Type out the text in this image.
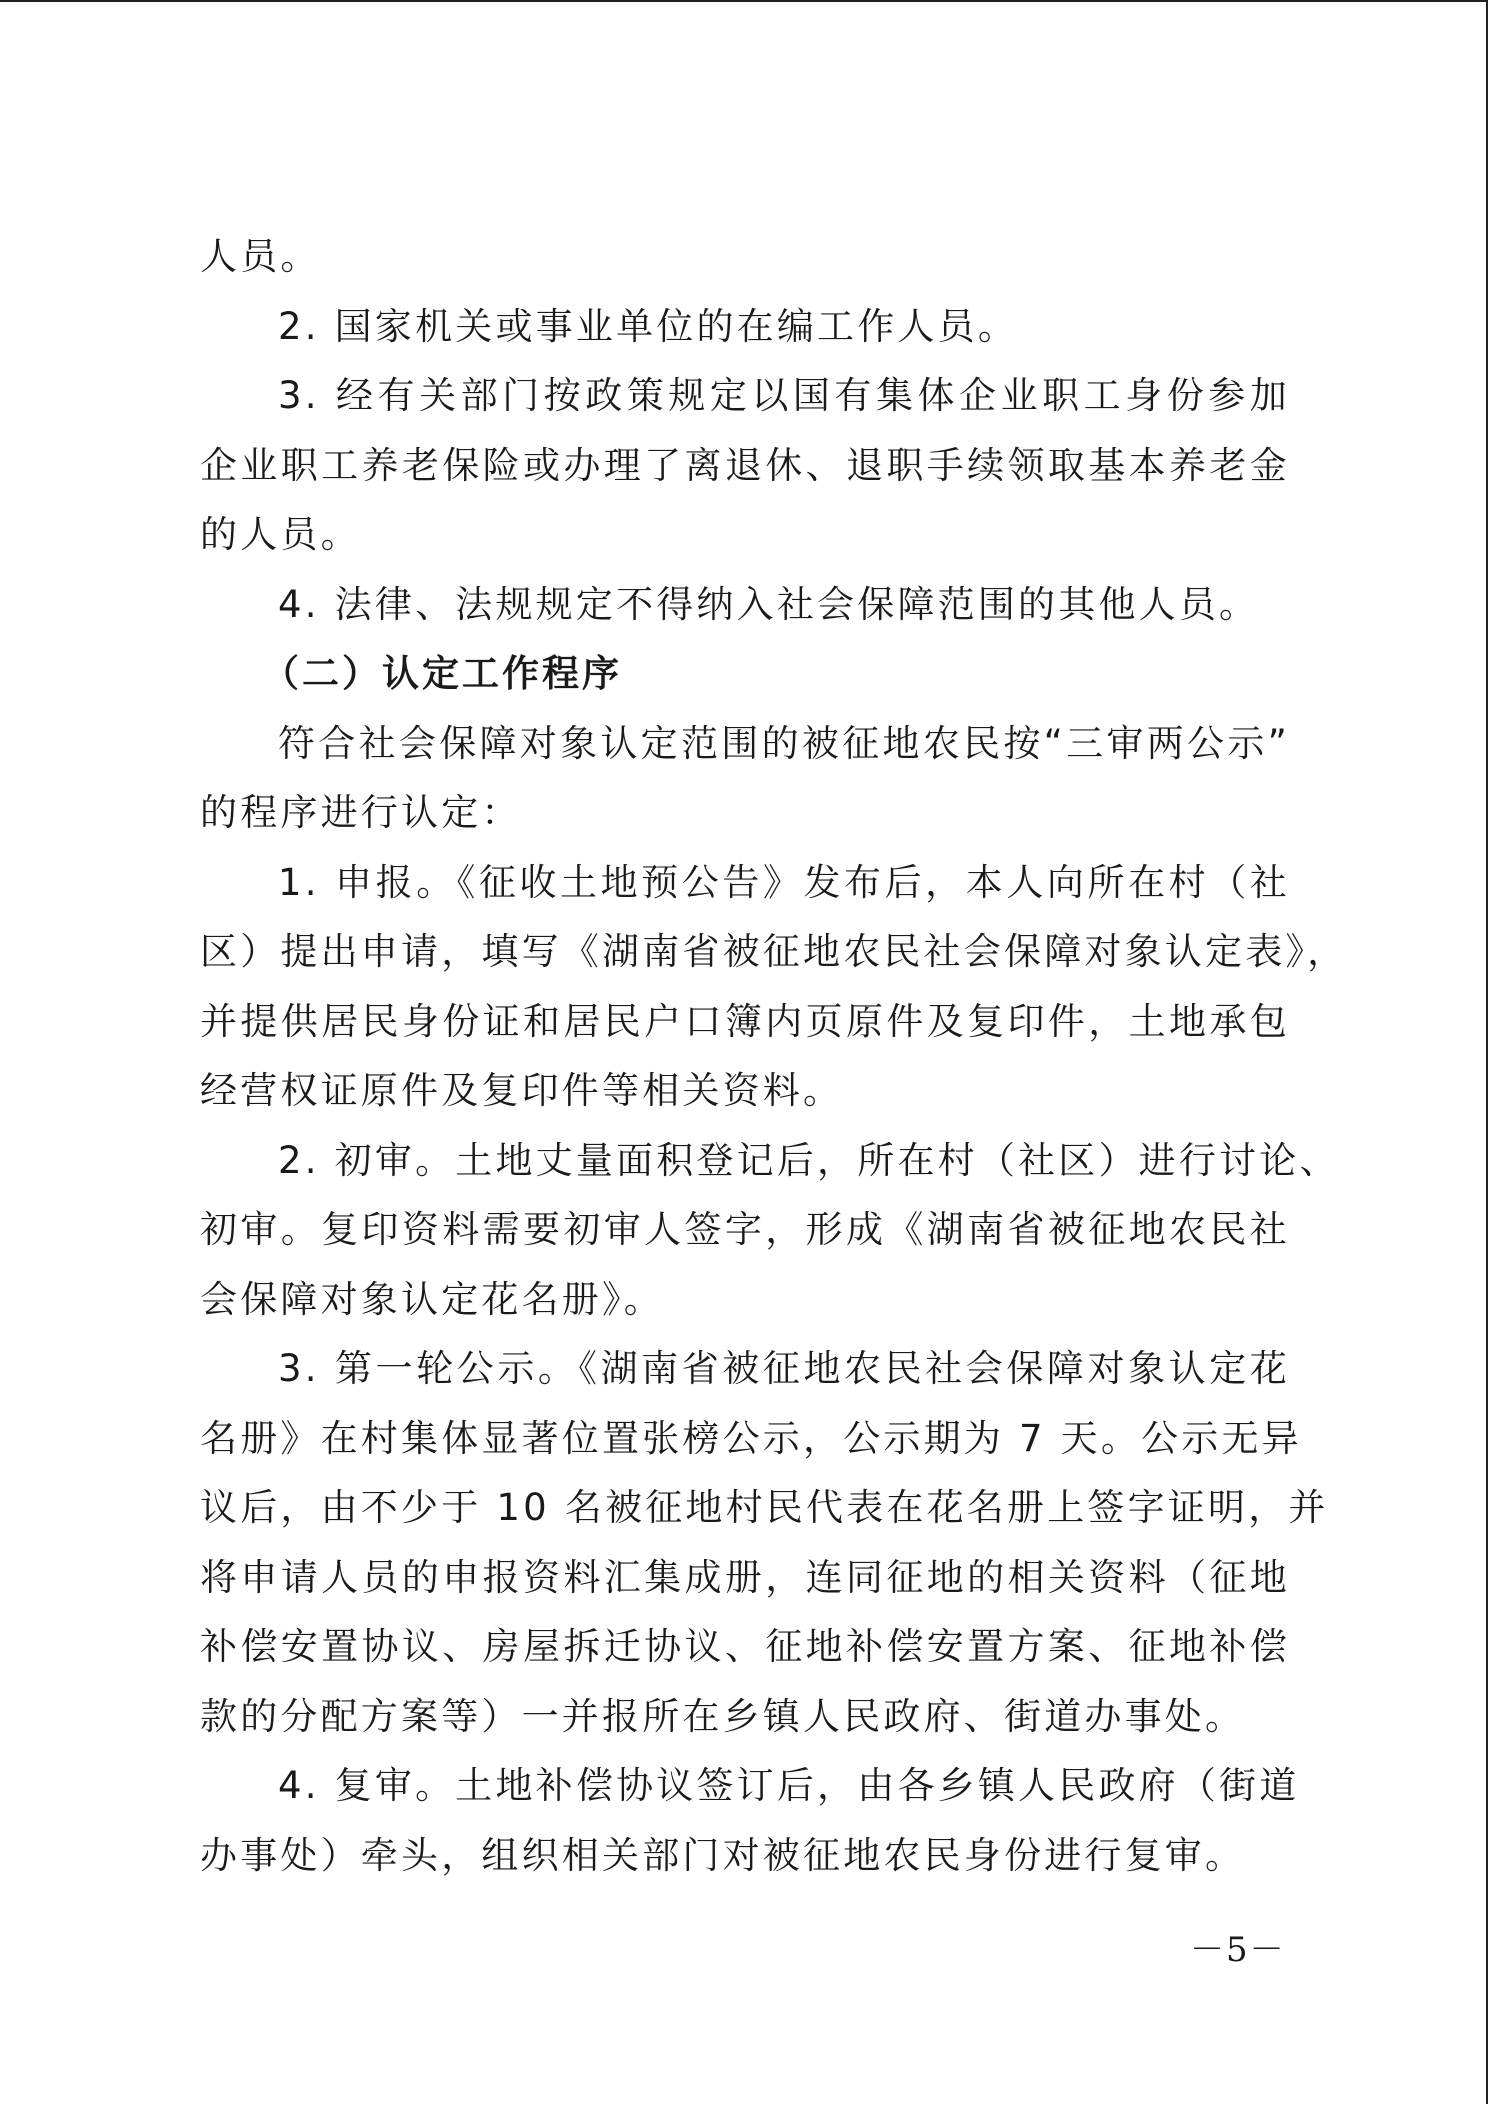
人员。
2. 国家机关或事业单位的在编工作人员。
3. 经有关部门按政策规定以国有集体企业职工身份参加
企业职工养老保险或办理了离退休、退职手续领取基本养老金
的人员。
4. 法律、法规规定不得纳入社会保障范围的其他人员。
（二）认定工作程序
符合社会保障对象认定范围的被征地农民按“三审两公示”
的程序进行认定：
1. 申报。《征收土地预公告》发布后，本人向所在村（社
区）提出申请，填写《湖南省被征地农民社会保障对象认定表》，
并提供居民身份证和居民户口簿内页原件及复印件，土地承包
经营权证原件及复印件等相关资料。
2. 初审。土地丈量面积登记后，所在村（社区）进行讨论、
初审。复印资料需要初审人签字，形成《湖南省被征地农民社
会保障对象认定花名册》。
3. 第一轮公示。《湖南省被征地农民社会保障对象认定花
名册》在村集体显著位置张榜公示，公示期为 7 天。公示无异
议后，由不少于 10 名被征地村民代表在花名册上签字证明，并
将申请人员的申报资料汇集成册，连同征地的相关资料（征地
补偿安置协议、房屋拆迁协议、征地补偿安置方案、征地补偿
款的分配方案等）一并报所在乡镇人民政府、街道办事处。
4. 复审。土地补偿协议签订后，由各乡镇人民政府（街道
办事处）牵头，组织相关部门对被征地农民身份进行复审。
－5－
